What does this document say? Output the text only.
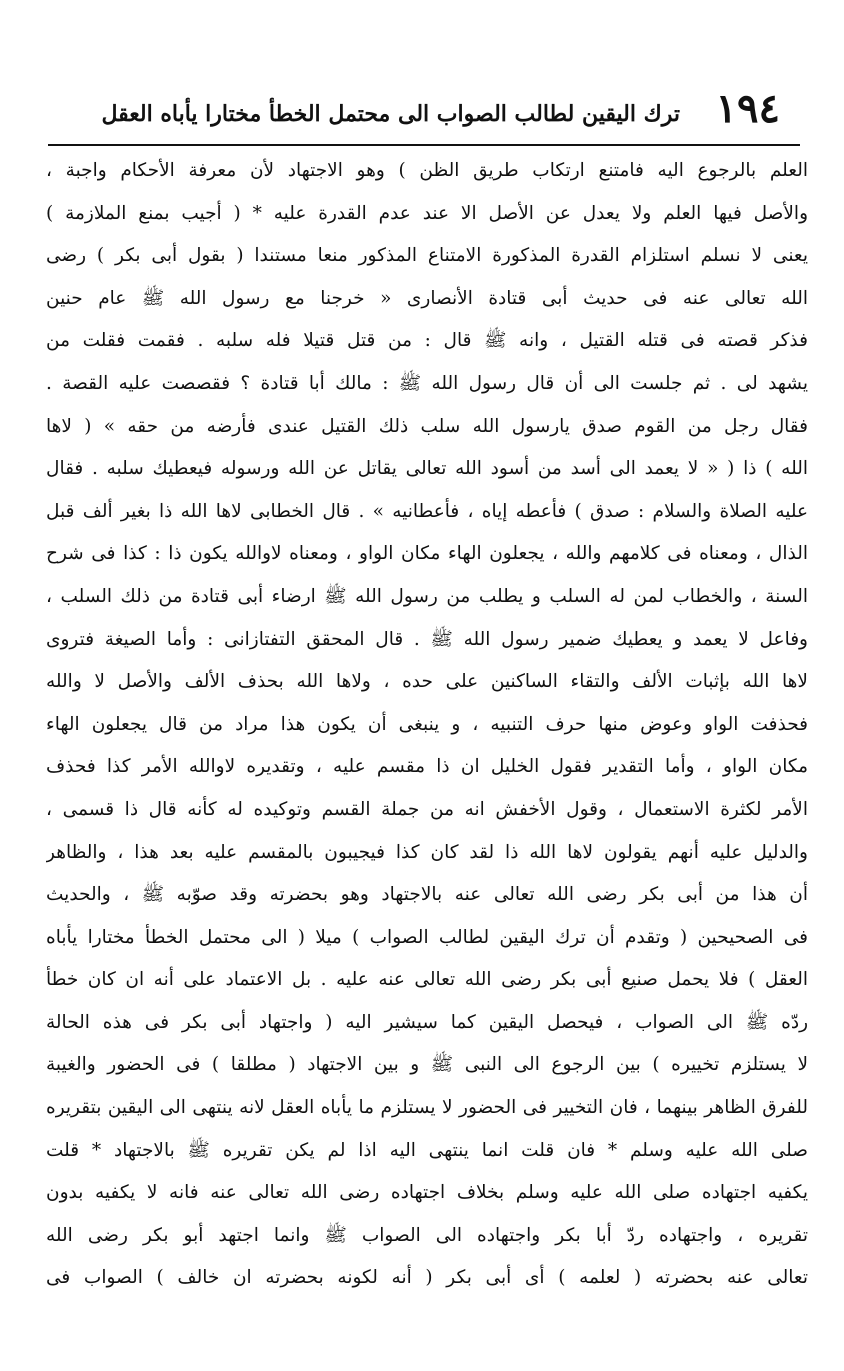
١٩٤
ترك اليقين لطالب الصواب الى محتمل الخطأ مختارا يأباه العقل
العلم بالرجوع اليه فامتنع ارتكاب طريق الظن ) وهو الاجتهاد لأن معرفة الأحكام واجبة ،
والأصل فيها العلم ولا يعدل عن الأصل الا عند عدم القدرة عليه * ( أجيب بمنع الملازمة )
يعنى لا نسلم استلزام القدرة المذكورة الامتناع المذكور منعا مستندا ( بقول أبى بكر ) رضى
الله تعالى عنه فى حديث أبى قتادة الأنصارى « خرجنا مع رسول الله ﷺ عام حنين
فذكر قصته فى قتله القتيل ، وانه ﷺ قال : من قتل قتيلا فله سلبه . فقمت فقلت من
يشهد لى . ثم جلست الى أن قال رسول الله ﷺ : مالك أبا قتادة ؟ فقصصت عليه القصة .
فقال رجل من القوم صدق يارسول الله سلب ذلك القتيل عندى فأرضه من حقه » ( لاها
الله ) ذا ( « لا يعمد الى أسد من أسود الله تعالى يقاتل عن الله ورسوله فيعطيك سلبه . فقال
عليه الصلاة والسلام : صدق ) فأعطه إياه ، فأعطانيه » . قال الخطابى لاها الله ذا بغير ألف قبل
الذال ، ومعناه فى كلامهم والله ، يجعلون الهاء مكان الواو ، ومعناه لاوالله يكون ذا : كذا فى شرح
السنة ، والخطاب لمن له السلب و يطلب من رسول الله ﷺ ارضاء أبى قتادة من ذلك السلب ،
وفاعل لا يعمد و يعطيك ضمير رسول الله ﷺ . قال المحقق التفتازانى : وأما الصيغة فتروى
لاها الله بإثبات الألف والتقاء الساكنين على حده ، ولاها الله بحذف الألف والأصل لا والله
فحذفت الواو وعوض منها حرف التنبيه ، و ينبغى أن يكون هذا مراد من قال يجعلون الهاء
مكان الواو ، وأما التقدير فقول الخليل ان ذا مقسم عليه ، وتقديره لاوالله الأمر كذا فحذف
الأمر لكثرة الاستعمال ، وقول الأخفش انه من جملة القسم وتوكيده له كأنه قال ذا قسمى ،
والدليل عليه أنهم يقولون لاها الله ذا لقد كان كذا فيجيبون بالمقسم عليه بعد هذا ، والظاهر
أن هذا من أبى بكر رضى الله تعالى عنه بالاجتهاد وهو بحضرته وقد صوّبه ﷺ ، والحديث
فى الصحيحين ( وتقدم أن ترك اليقين لطالب الصواب ) ميلا ( الى محتمل الخطأ مختارا يأباه
العقل ) فلا يحمل صنيع أبى بكر رضى الله تعالى عنه عليه . بل الاعتماد على أنه ان كان خطأ
ردّه ﷺ الى الصواب ، فيحصل اليقين كما سيشير اليه ( واجتهاد أبى بكر فى هذه الحالة
لا يستلزم تخييره ) بين الرجوع الى النبى ﷺ و بين الاجتهاد ( مطلقا ) فى الحضور والغيبة
للفرق الظاهر بينهما ، فان التخيير فى الحضور لا يستلزم ما يأباه العقل لانه ينتهى الى اليقين بتقريره
صلى الله عليه وسلم * فان قلت انما ينتهى اليه اذا لم يكن تقريره ﷺ بالاجتهاد * قلت
يكفيه اجتهاده صلى الله عليه وسلم بخلاف اجتهاده رضى الله تعالى عنه فانه لا يكفيه بدون
تقريره ، واجتهاده ردّ أبا بكر واجتهاده الى الصواب ﷺ وانما اجتهد أبو بكر رضى الله
تعالى عنه بحضرته ( لعلمه ) أى أبى بكر ( أنه لكونه بحضرته ان خالف ) الصواب فى
